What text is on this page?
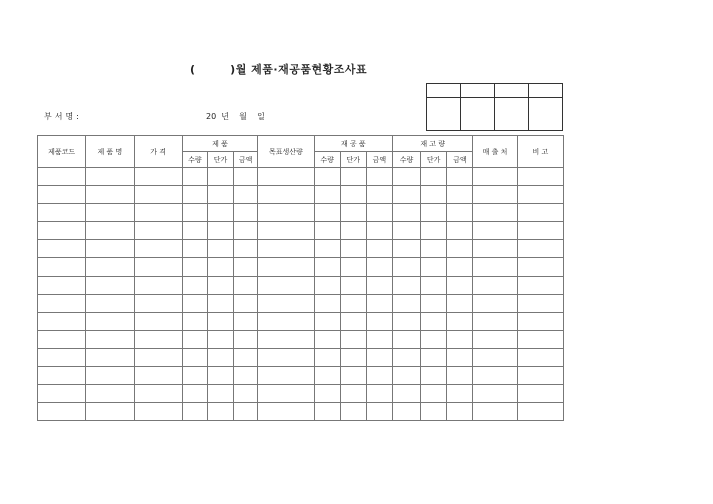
(        )월 제품·재공품현황조사표
부서명:	20  년    월    일

제품코드	제 품 명	가 격	제 품			목표생산량	재 공 품			재 고 량			매 출 처	비 고
			수량	단가	금액		수량	단가	금액	수량	단가	금액		
